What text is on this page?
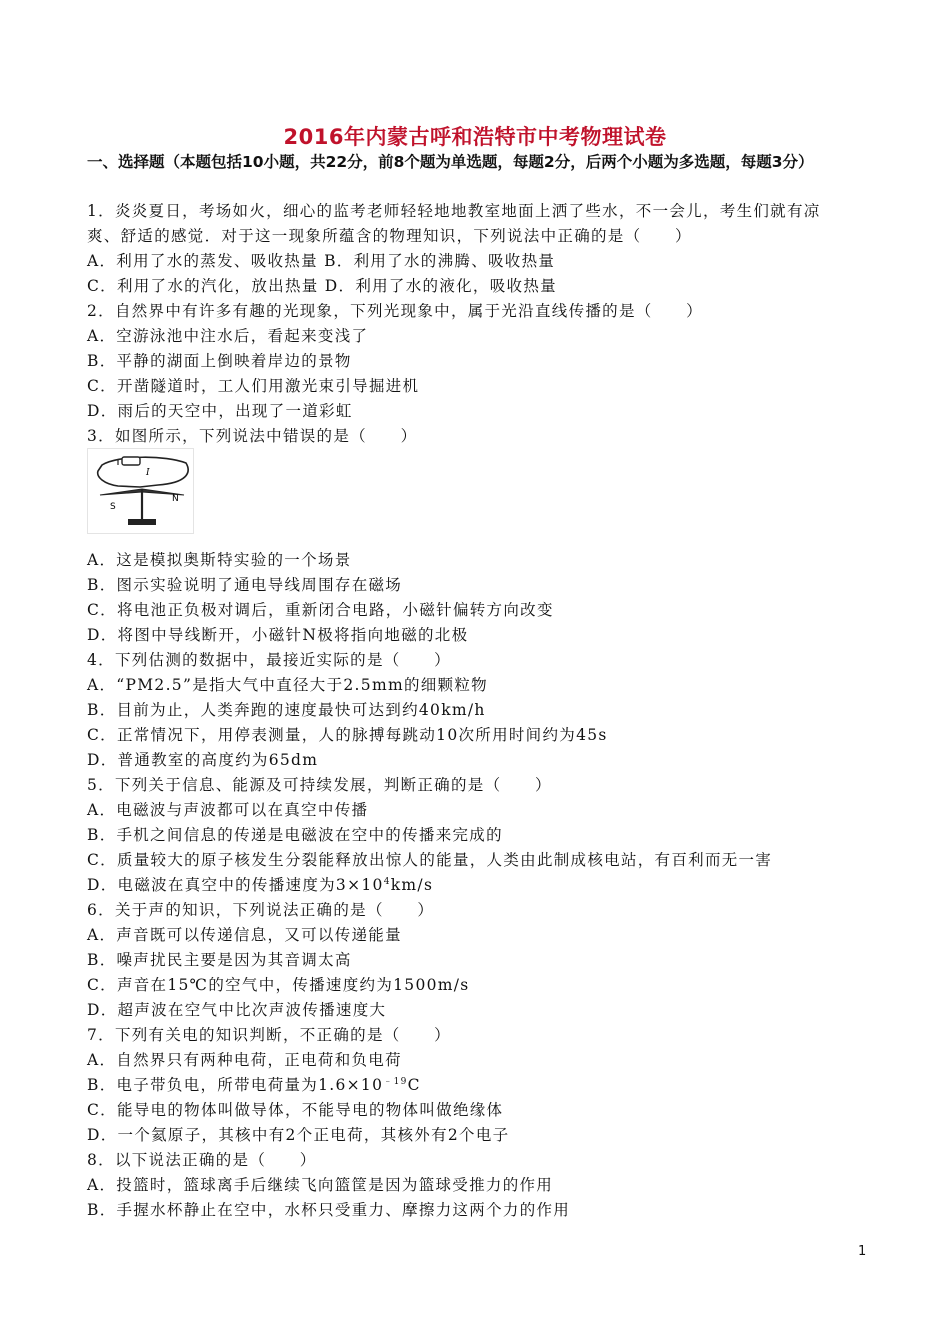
2016年内蒙古呼和浩特市中考物理试卷
一、选择题（本题包括10小题，共22分，前8个题为单选题，每题2分，后两个小题为多选题，每题3分）
1．炎炎夏日，考场如火，细心的监考老师轻轻地地教室地面上洒了些水，不一会儿，考生们就有凉
爽、舒适的感觉．对于这一现象所蕴含的物理知识，下列说法中正确的是（　　）
A．利用了水的蒸发、吸收热量 B．利用了水的沸腾、吸收热量
C．利用了水的汽化，放出热量 D．利用了水的液化，吸收热量
2．自然界中有许多有趣的光现象，下列光现象中，属于光沿直线传播的是（　　）
A．空游泳池中注水后，看起来变浅了
B．平静的湖面上倒映着岸边的景物
C．开凿隧道时，工人们用激光束引导掘进机
D．雨后的天空中，出现了一道彩虹
3．如图所示，下列说法中错误的是（　　）
I
S
N
A．这是模拟奥斯特实验的一个场景
B．图示实验说明了通电导线周围存在磁场
C．将电池正负极对调后，重新闭合电路，小磁针偏转方向改变
D．将图中导线断开，小磁针N极将指向地磁的北极
4．下列估测的数据中，最接近实际的是（　　）
A．“PM2.5”是指大气中直径大于2.5mm的细颗粒物
B．目前为止，人类奔跑的速度最快可达到约40km/h
C．正常情况下，用停表测量，人的脉搏每跳动10次所用时间约为45s
D．普通教室的高度约为65dm
5．下列关于信息、能源及可持续发展，判断正确的是（　　）
A．电磁波与声波都可以在真空中传播
B．手机之间信息的传递是电磁波在空中的传播来完成的
C．质量较大的原子核发生分裂能释放出惊人的能量，人类由此制成核电站，有百利而无一害
D．电磁波在真空中的传播速度为$3\times 10^4km/s$
6．关于声的知识，下列说法正确的是（　　）
A．声音既可以传递信息，又可以传递能量
B．噪声扰民主要是因为其音调太高
C．声音在15℃的空气中，传播速度约为1500m/s
D．超声波在空气中比次声波传播速度大
7．下列有关电的知识判断，不正确的是（　　）
A．自然界只有两种电荷，正电荷和负电荷
B．电子带负电，所带电荷量为$1.6\times 10^{﹣19}C$
C．能导电的物体叫做导体，不能导电的物体叫做绝缘体
D．一个氦原子，其核中有2个正电荷，其核外有2个电子
8．以下说法正确的是（　　）
A．投篮时，篮球离手后继续飞向篮筐是因为篮球受推力的作用
B．手握水杯静止在空中，水杯只受重力、摩擦力这两个力的作用
1
